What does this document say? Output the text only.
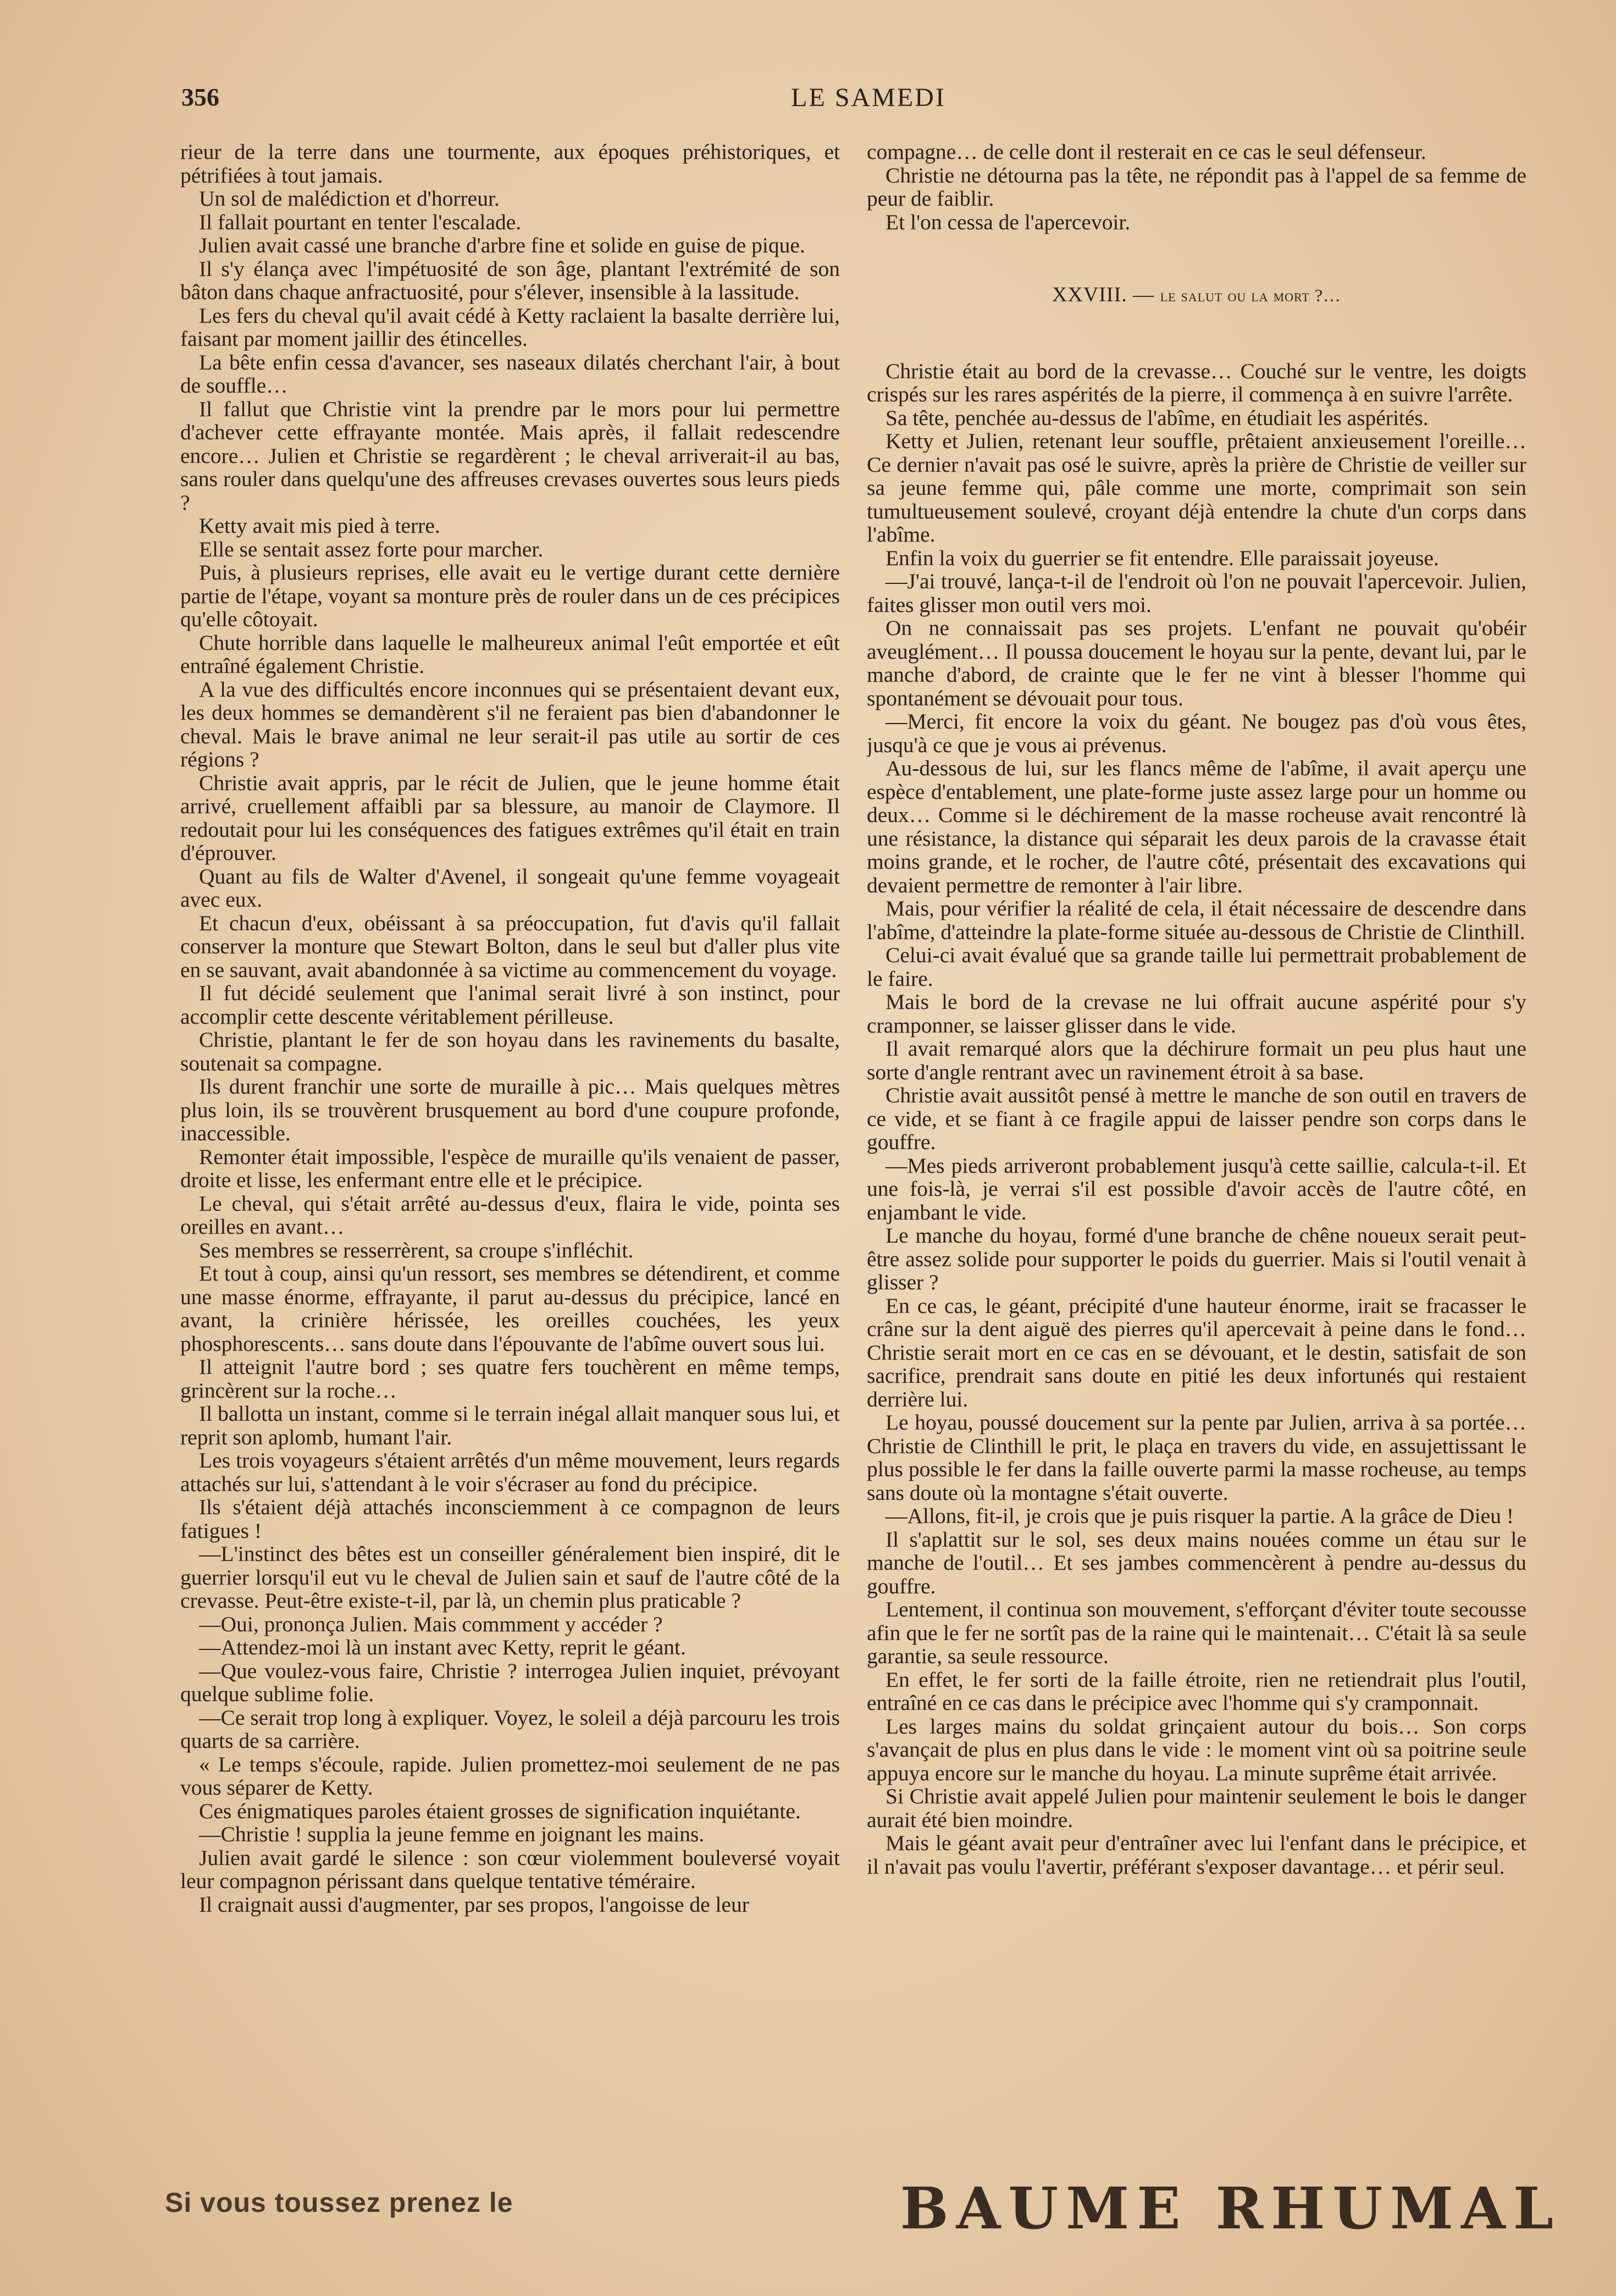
356	LE SAMEDI

rieur de la terre dans une tourmente, aux époques préhistoriques, et pétrifiées à tout jamais.

Un sol de malédiction et d'horreur.

Il fallait pourtant en tenter l'escalade.

Julien avait cassé une branche d'arbre fine et solide en guise de pique.

Il s'y élança avec l'impétuosité de son âge, plantant l'extrémité de son bâton dans chaque anfractuosité, pour s'élever, insensible à la lassitude.

Les fers du cheval qu'il avait cédé à Ketty raclaient la basalte derrière lui, faisant par moment jaillir des étincelles.

La bête enfin cessa d'avancer, ses naseaux dilatés cherchant l'air, à bout de souffle…

Il fallut que Christie vint la prendre par le mors pour lui permettre d'achever cette effrayante montée. Mais après, il fallait redescendre encore… Julien et Christie se regardèrent ; le cheval arriverait-il au bas, sans rouler dans quelqu'une des affreuses crevases ouvertes sous leurs pieds ?

Ketty avait mis pied à terre.

Elle se sentait assez forte pour marcher.

Puis, à plusieurs reprises, elle avait eu le vertige durant cette dernière partie de l'étape, voyant sa monture près de rouler dans un de ces précipices qu'elle côtoyait.

Chute horrible dans laquelle le malheureux animal l'eût emportée et eût entraîné également Christie.

A la vue des difficultés encore inconnues qui se présentaient devant eux, les deux hommes se demandèrent s'il ne feraient pas bien d'abandonner le cheval. Mais le brave animal ne leur serait-il pas utile au sortir de ces régions ?

Christie avait appris, par le récit de Julien, que le jeune homme était arrivé, cruellement affaibli par sa blessure, au manoir de Claymore. Il redoutait pour lui les conséquences des fatigues extrêmes qu'il était en train d'éprouver.

Quant au fils de Walter d'Avenel, il songeait qu'une femme voyageait avec eux.

Et chacun d'eux, obéissant à sa préoccupation, fut d'avis qu'il fallait conserver la monture que Stewart Bolton, dans le seul but d'aller plus vite en se sauvant, avait abandonnée à sa victime au commencement du voyage.

Il fut décidé seulement que l'animal serait livré à son instinct, pour accomplir cette descente véritablement périlleuse.

Christie, plantant le fer de son hoyau dans les ravinements du basalte, soutenait sa compagne.

Ils durent franchir une sorte de muraille à pic… Mais quelques mètres plus loin, ils se trouvèrent brusquement au bord d'une coupure profonde, inaccessible.

Remonter était impossible, l'espèce de muraille qu'ils venaient de passer, droite et lisse, les enfermant entre elle et le précipice.

Le cheval, qui s'était arrêté au-dessus d'eux, flaira le vide, pointa ses oreilles en avant…

Ses membres se resserrèrent, sa croupe s'infléchit.

Et tout à coup, ainsi qu'un ressort, ses membres se détendirent, et comme une masse énorme, effrayante, il parut au-dessus du précipice, lancé en avant, la crinière hérissée, les oreilles couchées, les yeux phosphorescents… sans doute dans l'épouvante de l'abîme ouvert sous lui.

Il atteignit l'autre bord ; ses quatre fers touchèrent en même temps, grincèrent sur la roche…

Il ballotta un instant, comme si le terrain inégal allait manquer sous lui, et reprit son aplomb, humant l'air.

Les trois voyageurs s'étaient arrêtés d'un même mouvement, leurs regards attachés sur lui, s'attendant à le voir s'écraser au fond du précipice.

Ils s'étaient déjà attachés inconsciemment à ce compagnon de leurs fatigues !

—L'instinct des bêtes est un conseiller généralement bien inspiré, dit le guerrier lorsqu'il eut vu le cheval de Julien sain et sauf de l'autre côté de la crevasse. Peut-être existe-t-il, par là, un chemin plus praticable ?

—Oui, prononça Julien. Mais commment y accéder ?

—Attendez-moi là un instant avec Ketty, reprit le géant.

—Que voulez-vous faire, Christie ? interrogea Julien inquiet, prévoyant quelque sublime folie.

—Ce serait trop long à expliquer. Voyez, le soleil a déjà parcouru les trois quarts de sa carrière.

« Le temps s'écoule, rapide. Julien promettez-moi seulement de ne pas vous séparer de Ketty.

Ces énigmatiques paroles étaient grosses de signification inquiétante.

—Christie ! supplia la jeune femme en joignant les mains.

Julien avait gardé le silence : son cœur violemment bouleversé voyait leur compagnon périssant dans quelque tentative téméraire.

Il craignait aussi d'augmenter, par ses propos, l'angoisse de leur

compagne… de celle dont il resterait en ce cas le seul défenseur.

Christie ne détourna pas la tête, ne répondit pas à l'appel de sa femme de peur de faiblir.

Et l'on cessa de l'apercevoir.

XXVIII. — le salut ou la mort ?…

Christie était au bord de la crevasse… Couché sur le ventre, les doigts crispés sur les rares aspérités de la pierre, il commença à en suivre l'arrête.

Sa tête, penchée au-dessus de l'abîme, en étudiait les aspérités.

Ketty et Julien, retenant leur souffle, prêtaient anxieusement l'oreille… Ce dernier n'avait pas osé le suivre, après la prière de Christie de veiller sur sa jeune femme qui, pâle comme une morte, comprimait son sein tumultueusement soulevé, croyant déjà entendre la chute d'un corps dans l'abîme.

Enfin la voix du guerrier se fit entendre. Elle paraissait joyeuse.

—J'ai trouvé, lança-t-il de l'endroit où l'on ne pouvait l'apercevoir. Julien, faites glisser mon outil vers moi.

On ne connaissait pas ses projets. L'enfant ne pouvait qu'obéir aveuglément… Il poussa doucement le hoyau sur la pente, devant lui, par le manche d'abord, de crainte que le fer ne vint à blesser l'homme qui spontanément se dévouait pour tous.

—Merci, fit encore la voix du géant. Ne bougez pas d'où vous êtes, jusqu'à ce que je vous ai prévenus.

Au-dessous de lui, sur les flancs même de l'abîme, il avait aperçu une espèce d'entablement, une plate-forme juste assez large pour un homme ou deux… Comme si le déchirement de la masse rocheuse avait rencontré là une résistance, la distance qui séparait les deux parois de la cravasse était moins grande, et le rocher, de l'autre côté, présentait des excavations qui devaient permettre de remonter à l'air libre.

Mais, pour vérifier la réalité de cela, il était nécessaire de descendre dans l'abîme, d'atteindre la plate-forme située au-dessous de Christie de Clinthill.

Celui-ci avait évalué que sa grande taille lui permettrait probablement de le faire.

Mais le bord de la crevase ne lui offrait aucune aspérité pour s'y cramponner, se laisser glisser dans le vide.

Il avait remarqué alors que la déchirure formait un peu plus haut une sorte d'angle rentrant avec un ravinement étroit à sa base.

Christie avait aussitôt pensé à mettre le manche de son outil en travers de ce vide, et se fiant à ce fragile appui de laisser pendre son corps dans le gouffre.

—Mes pieds arriveront probablement jusqu'à cette saillie, calcula-t-il. Et une fois-là, je verrai s'il est possible d'avoir accès de l'autre côté, en enjambant le vide.

Le manche du hoyau, formé d'une branche de chêne noueux serait peut-être assez solide pour supporter le poids du guerrier. Mais si l'outil venait à glisser ?

En ce cas, le géant, précipité d'une hauteur énorme, irait se fracasser le crâne sur la dent aiguë des pierres qu'il apercevait à peine dans le fond… Christie serait mort en ce cas en se dévouant, et le destin, satisfait de son sacrifice, prendrait sans doute en pitié les deux infortunés qui restaient derrière lui.

Le hoyau, poussé doucement sur la pente par Julien, arriva à sa portée… Christie de Clinthill le prit, le plaça en travers du vide, en assujettissant le plus possible le fer dans la faille ouverte parmi la masse rocheuse, au temps sans doute où la montagne s'était ouverte.

—Allons, fit-il, je crois que je puis risquer la partie. A la grâce de Dieu !

Il s'aplattit sur le sol, ses deux mains nouées comme un étau sur le manche de l'outil… Et ses jambes commencèrent à pendre au-dessus du gouffre.

Lentement, il continua son mouvement, s'efforçant d'éviter toute secousse afin que le fer ne sortît pas de la raine qui le maintenait… C'était là sa seule garantie, sa seule ressource.

En effet, le fer sorti de la faille étroite, rien ne retiendrait plus l'outil, entraîné en ce cas dans le précipice avec l'homme qui s'y cramponnait.

Les larges mains du soldat grinçaient autour du bois… Son corps s'avançait de plus en plus dans le vide : le moment vint où sa poitrine seule appuya encore sur le manche du hoyau. La minute suprême était arrivée.

Si Christie avait appelé Julien pour maintenir seulement le bois le danger aurait été bien moindre.

Mais le géant avait peur d'entraîner avec lui l'enfant dans le précipice, et il n'avait pas voulu l'avertir, préférant s'exposer davantage… et périr seul.

Si vous toussez prenez le	BAUME RHUMAL
